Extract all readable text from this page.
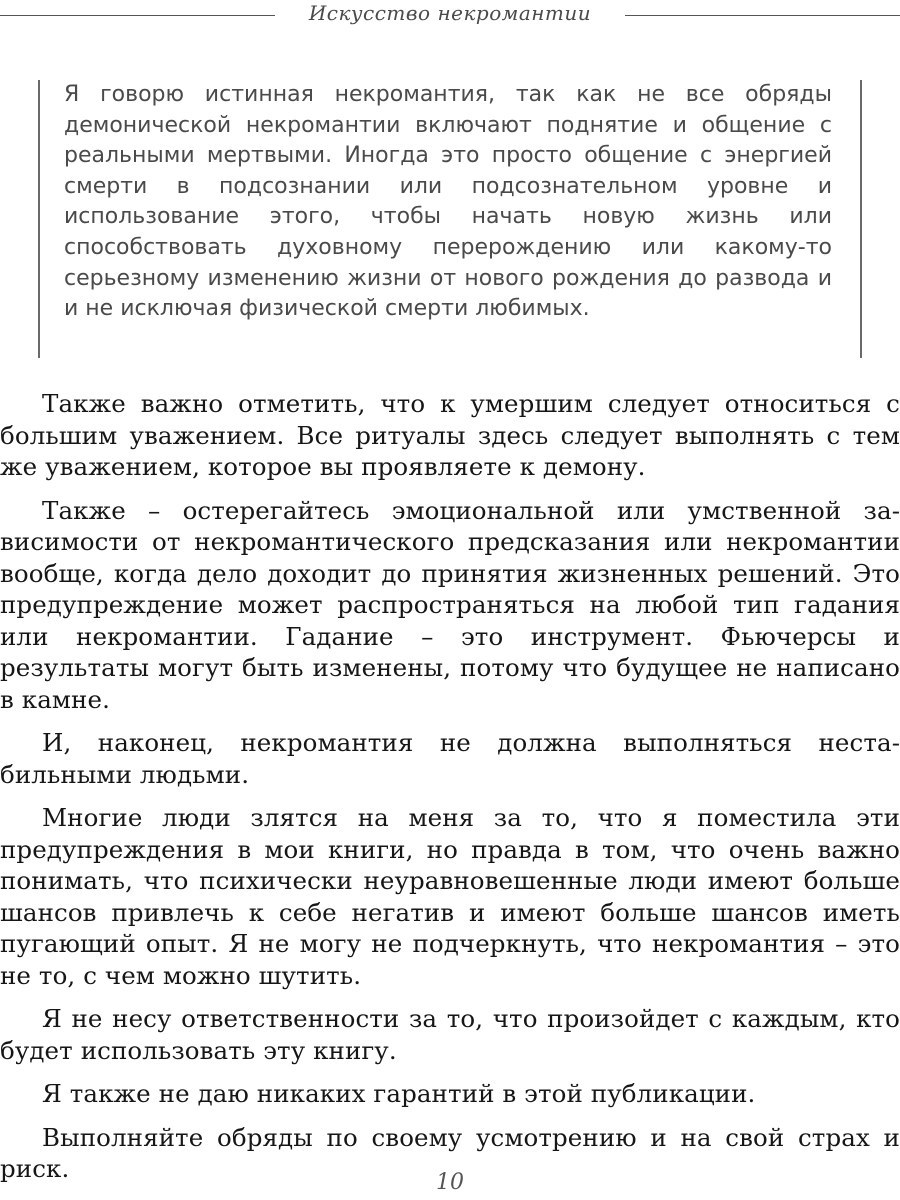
Искусство некромантии

Я говорю истинная некромантия, так как не все обряды демонической некромантии включают поднятие и общение с реальными мертвыми. Иногда это просто общение с энергией смерти в подсознании или подсознательном уровне и использование этого, чтобы начать новую жизнь или способствовать духовному перерождению или какому-то серьезному изменению жизни от нового рождения до развода и и не исключая физической смерти любимых.

Также важно отметить, что к умершим следует относиться с большим уважением. Все ритуалы здесь следует выполнять с тем же уважением, которое вы проявляете к демону.

Также – остерегайтесь эмоциональной или умственной зависимости от некромантического предсказания или некромантии вообще, когда дело доходит до принятия жизненных решений. Это предупреждение может распространяться на любой тип гадания или некромантии. Гадание – это инструмент. Фьючерсы и результаты могут быть изменены, потому что будущее не написано в камне.

И, наконец, некромантия не должна выполняться нестабильными людьми.

Многие люди злятся на меня за то, что я поместила эти предупреждения в мои книги, но правда в том, что очень важно понимать, что психически неуравновешенные люди имеют больше шансов привлечь к себе негатив и имеют больше шансов иметь пугающий опыт. Я не могу не подчеркнуть, что некромантия – это не то, с чем можно шутить.

Я не несу ответственности за то, что произойдет с каждым, кто будет использовать эту книгу.

Я также не даю никаких гарантий в этой публикации.

Выполняйте обряды по своему усмотрению и на свой страх и риск.	10
